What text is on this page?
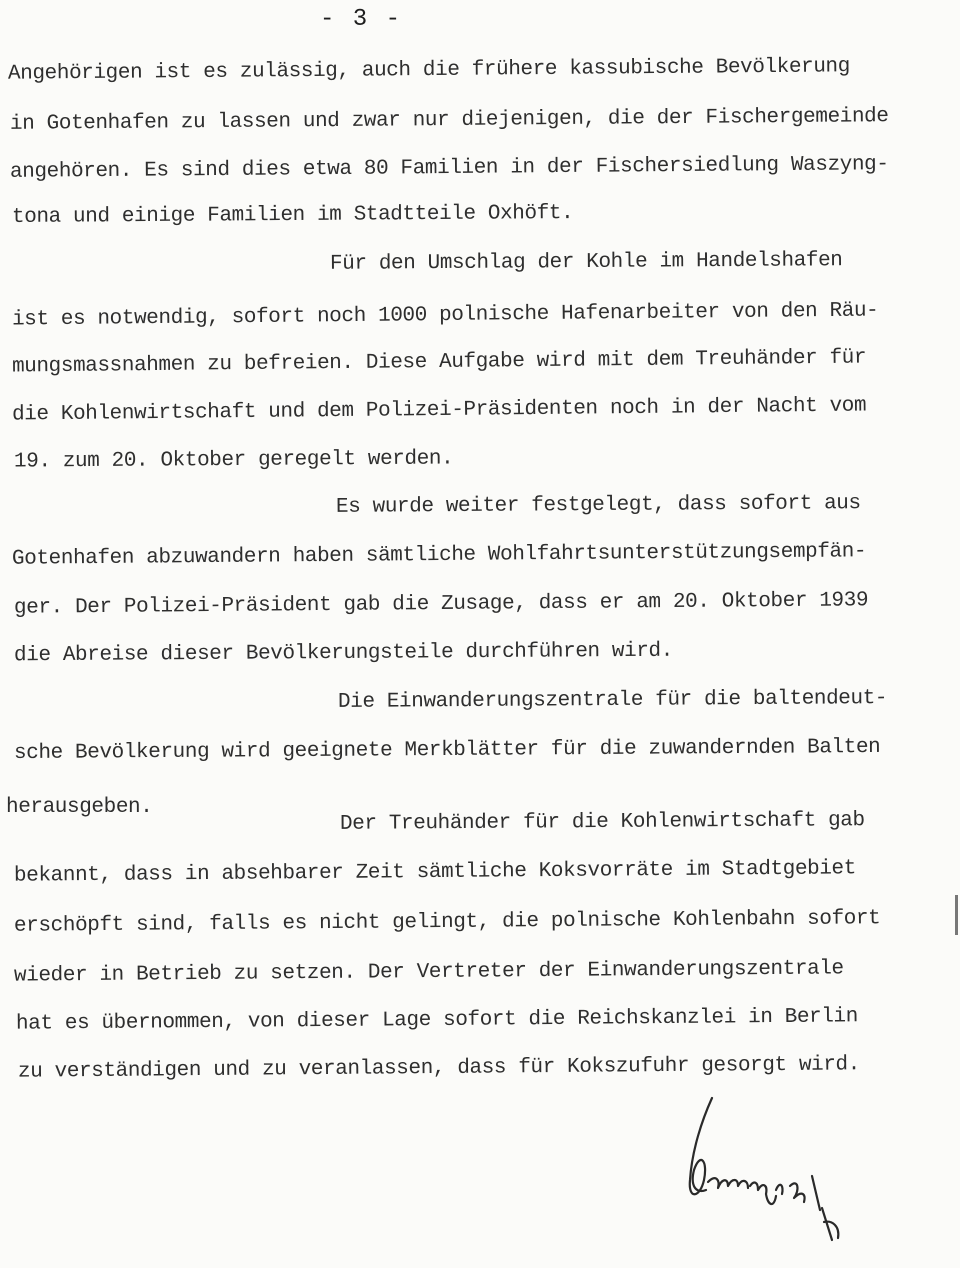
- 3 -
Angehörigen ist es zulässig, auch die frühere kassubische Bevölkerung
in Gotenhafen zu lassen und zwar nur diejenigen, die der Fischergemeinde
angehören. Es sind dies etwa 80 Familien in der Fischersiedlung Waszyng-
tona und einige Familien im Stadtteile Oxhöft.
Für den Umschlag der Kohle im Handelshafen
ist es notwendig, sofort noch 1000 polnische Hafenarbeiter von den Räu-
mungsmassnahmen zu befreien. Diese Aufgabe wird mit dem Treuhänder für
die Kohlenwirtschaft und dem Polizei-Präsidenten noch in der Nacht vom
19. zum 20. Oktober geregelt werden.
Es wurde weiter festgelegt, dass sofort aus
Gotenhafen abzuwandern haben sämtliche Wohlfahrtsunterstützungsempfän-
ger. Der Polizei-Präsident gab die Zusage, dass er am 20. Oktober 1939
die Abreise dieser Bevölkerungsteile durchführen wird.
Die Einwanderungszentrale für die baltendeut-
sche Bevölkerung wird geeignete Merkblätter für die zuwandernden Balten
herausgeben.
Der Treuhänder für die Kohlenwirtschaft gab
bekannt, dass in absehbarer Zeit sämtliche Koksvorräte im Stadtgebiet
erschöpft sind, falls es nicht gelingt, die polnische Kohlenbahn sofort
wieder in Betrieb zu setzen. Der Vertreter der Einwanderungszentrale
hat es übernommen, von dieser Lage sofort die Reichskanzlei in Berlin
zu verständigen und zu veranlassen, dass für Kokszufuhr gesorgt wird.
